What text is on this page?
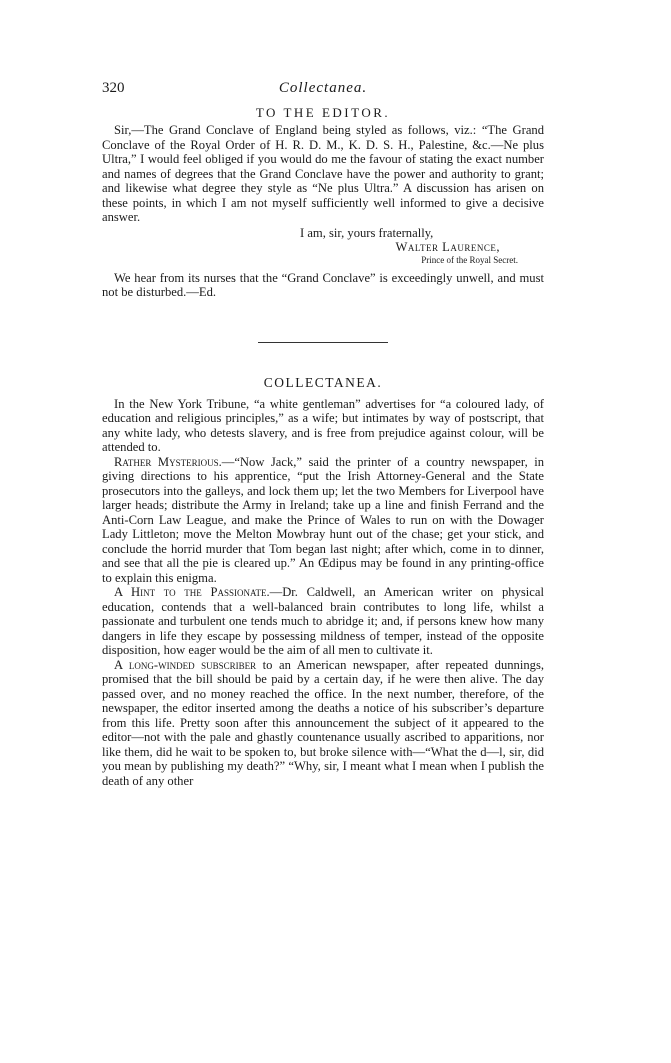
320	Collectanea.
TO THE EDITOR.

Sir,—The Grand Conclave of England being styled as follows, viz.: “The Grand Conclave of the Royal Order of H. R. D. M., K. D. S. H., Palestine, &c.—Ne plus Ultra,” I would feel obliged if you would do me the favour of stating the exact number and names of degrees that the Grand Conclave have the power and authority to grant; and likewise what degree they style as “Ne plus Ultra.” A discussion has arisen on these points, in which I am not myself sufficiently well informed to give a decisive answer.

I am, sir, yours fraternally,

Walter Laurence,

Prince of the Royal Secret.

We hear from its nurses that the “Grand Conclave” is exceedingly unwell, and must not be disturbed.—Ed.

COLLECTANEA.

In the New York Tribune, “a white gentleman” advertises for “a coloured lady, of education and religious principles,” as a wife; but intimates by way of postscript, that any white lady, who detests slavery, and is free from prejudice against colour, will be attended to.

Rather Mysterious.—“Now Jack,” said the printer of a country newspaper, in giving directions to his apprentice, “put the Irish Attorney-General and the State prosecutors into the galleys, and lock them up; let the two Members for Liverpool have larger heads; distribute the Army in Ireland; take up a line and finish Ferrand and the Anti-Corn Law League, and make the Prince of Wales to run on with the Dowager Lady Littleton; move the Melton Mowbray hunt out of the chase; get your stick, and conclude the horrid murder that Tom began last night; after which, come in to dinner, and see that all the pie is cleared up.” An Œdipus may be found in any printing-office to explain this enigma.

A Hint to the Passionate.—Dr. Caldwell, an American writer on physical education, contends that a well-balanced brain contributes to long life, whilst a passionate and turbulent one tends much to abridge it; and, if persons knew how many dangers in life they escape by possessing mildness of temper, instead of the opposite disposition, how eager would be the aim of all men to cultivate it.

A long-winded subscriber to an American newspaper, after repeated dunnings, promised that the bill should be paid by a certain day, if he were then alive. The day passed over, and no money reached the office. In the next number, therefore, of the newspaper, the editor inserted among the deaths a notice of his subscriber’s departure from this life. Pretty soon after this announcement the subject of it appeared to the editor—not with the pale and ghastly countenance usually ascribed to apparitions, nor like them, did he wait to be spoken to, but broke silence with—“What the d—l, sir, did you mean by publishing my death?” “Why, sir, I meant what I mean when I publish the death of any other
